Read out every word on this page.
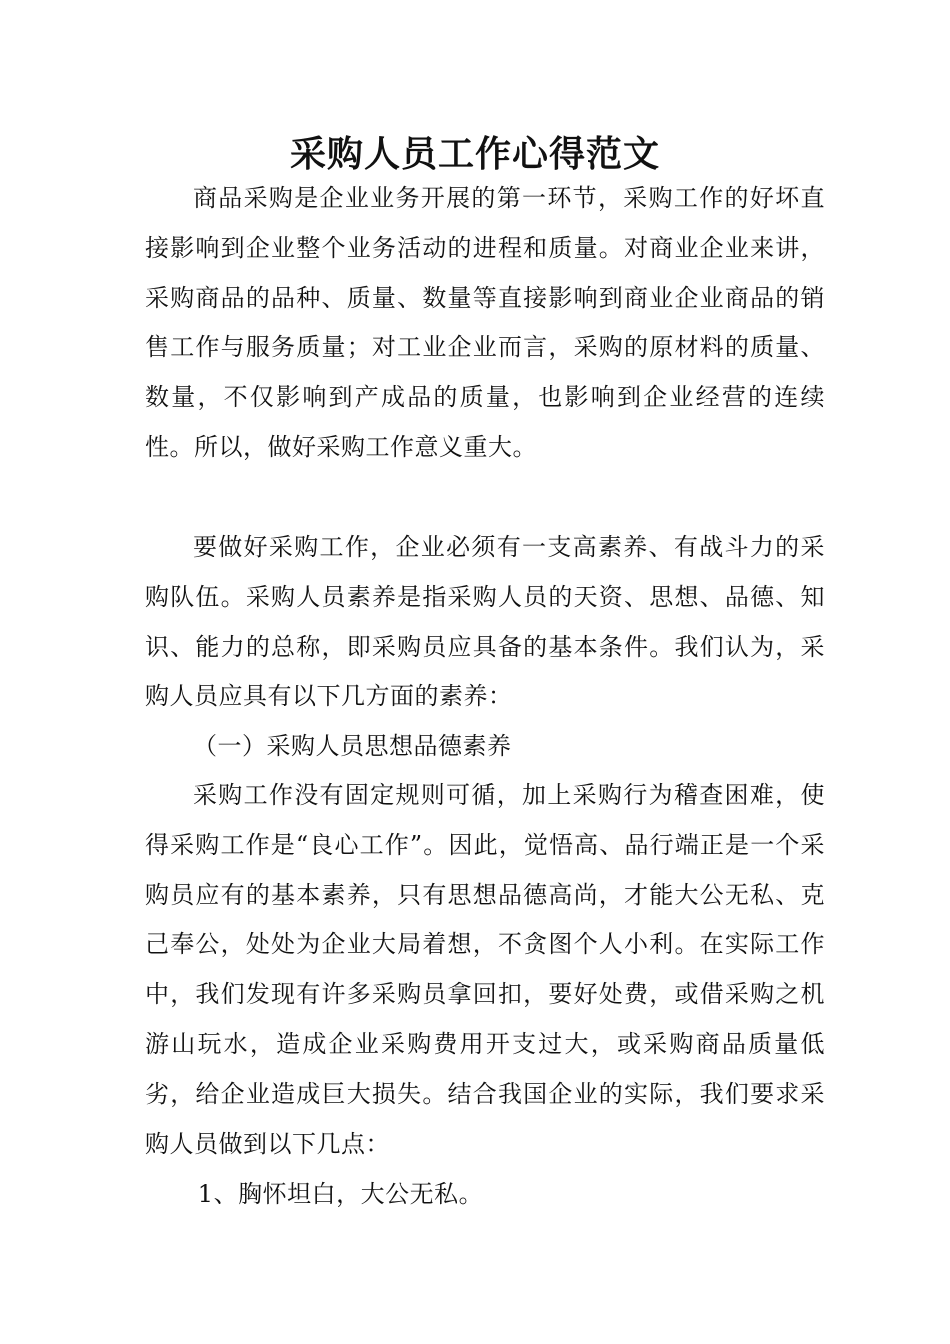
采购人员工作心得范文
商品采购是企业业务开展的第一环节，采购工作的好坏直接影响到企业整个业务活动的进程和质量。对商业企业来讲，采购商品的品种、质量、数量等直接影响到商业企业商品的销售工作与服务质量；对工业企业而言，采购的原材料的质量、数量，不仅影响到产成品的质量，也影响到企业经营的连续性。所以，做好采购工作意义重大。
要做好采购工作，企业必须有一支高素养、有战斗力的采购队伍。采购人员素养是指采购人员的天资、思想、品德、知识、能力的总称，即采购员应具备的基本条件。我们认为，采购人员应具有以下几方面的素养：
（一）采购人员思想品德素养
采购工作没有固定规则可循，加上采购行为稽查困难，使得采购工作是“良心工作”。因此，觉悟高、品行端正是一个采购员应有的基本素养，只有思想品德高尚，才能大公无私、克己奉公，处处为企业大局着想，不贪图个人小利。在实际工作中，我们发现有许多采购员拿回扣，要好处费，或借采购之机游山玩水，造成企业采购费用开支过大，或采购商品质量低劣，给企业造成巨大损失。结合我国企业的实际，我们要求采购人员做到以下几点：
1、胸怀坦白，大公无私。
